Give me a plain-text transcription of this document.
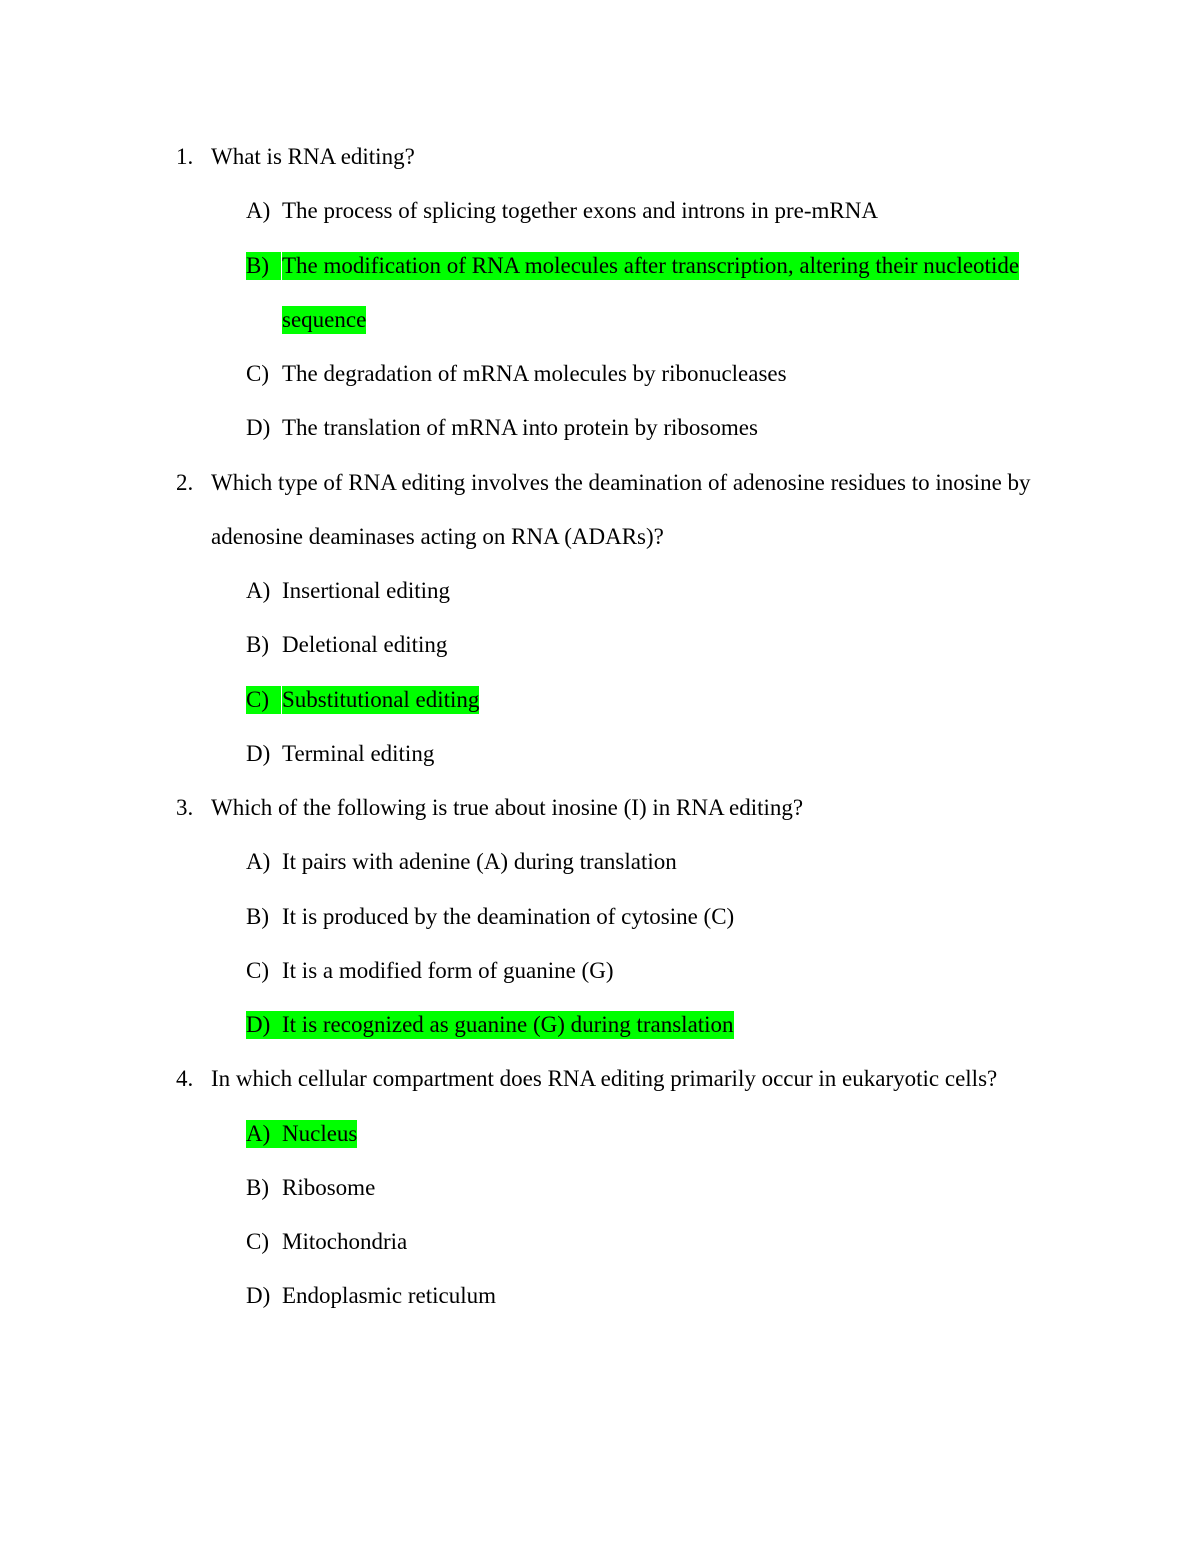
1. What is RNA editing?
A) The process of splicing together exons and introns in pre-mRNA
B) The modification of RNA molecules after transcription, altering their nucleotide
sequence
C) The degradation of mRNA molecules by ribonucleases
D) The translation of mRNA into protein by ribosomes
2. Which type of RNA editing involves the deamination of adenosine residues to inosine by
adenosine deaminases acting on RNA (ADARs)?
A) Insertional editing
B) Deletional editing
C) Substitutional editing
D) Terminal editing
3. Which of the following is true about inosine (I) in RNA editing?
A) It pairs with adenine (A) during translation
B) It is produced by the deamination of cytosine (C)
C) It is a modified form of guanine (G)
D) It is recognized as guanine (G) during translation
4. In which cellular compartment does RNA editing primarily occur in eukaryotic cells?
A) Nucleus
B) Ribosome
C) Mitochondria
D) Endoplasmic reticulum
